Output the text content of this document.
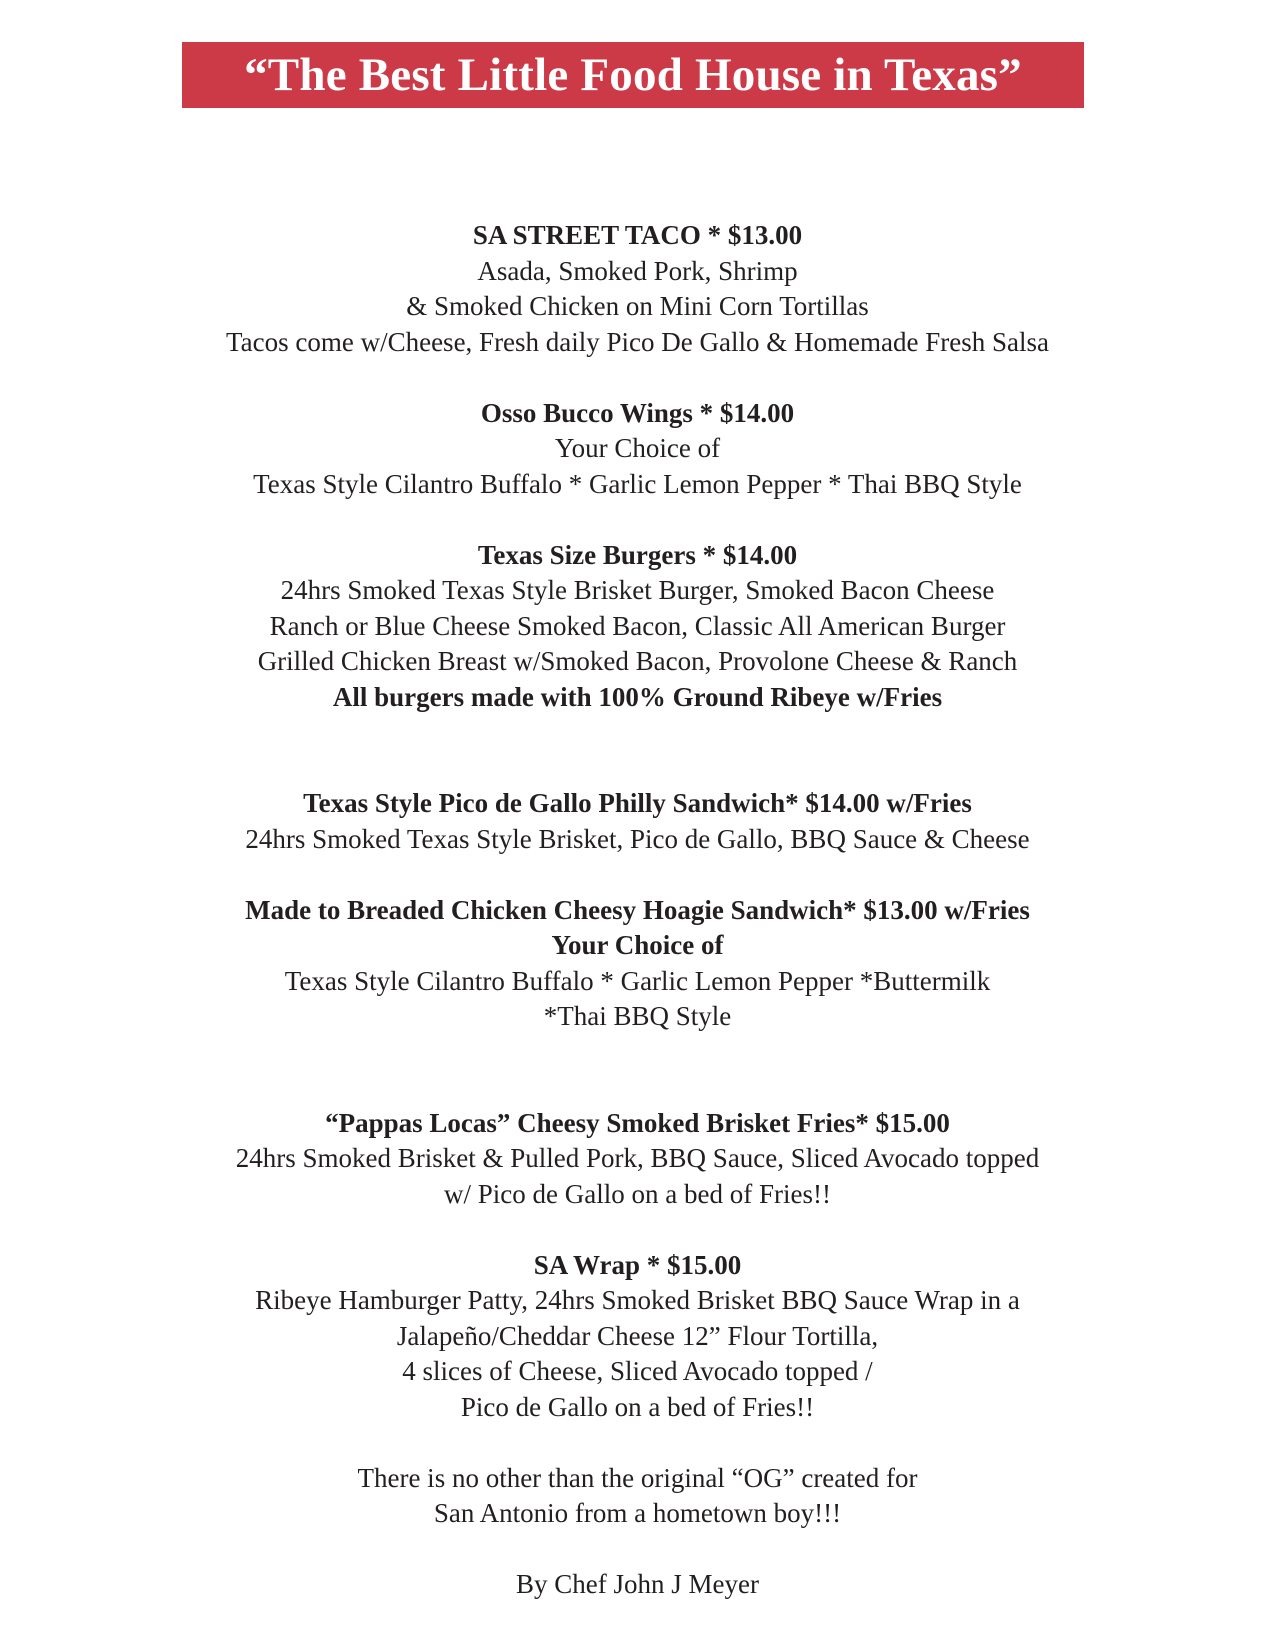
“The Best Little Food House in Texas”
SA STREET TACO * $13.00
Asada, Smoked Pork, Shrimp
& Smoked Chicken on Mini Corn Tortillas
Tacos come w/Cheese, Fresh daily Pico De Gallo & Homemade Fresh Salsa
Osso Bucco Wings * $14.00
Your Choice of
Texas Style Cilantro Buffalo * Garlic Lemon Pepper * Thai BBQ Style
Texas Size Burgers * $14.00
24hrs Smoked Texas Style Brisket Burger, Smoked Bacon Cheese
Ranch or Blue Cheese Smoked Bacon, Classic All American Burger
Grilled Chicken Breast w/Smoked Bacon, Provolone Cheese & Ranch
All burgers made with 100% Ground Ribeye w/Fries
Texas Style Pico de Gallo Philly Sandwich* $14.00 w/Fries
24hrs Smoked Texas Style Brisket, Pico de Gallo, BBQ Sauce & Cheese
Made to Breaded Chicken Cheesy Hoagie Sandwich* $13.00 w/Fries
Your Choice of
Texas Style Cilantro Buffalo * Garlic Lemon Pepper *Buttermilk
*Thai BBQ Style
“Pappas Locas” Cheesy Smoked Brisket Fries* $15.00
24hrs Smoked Brisket & Pulled Pork, BBQ Sauce, Sliced Avocado topped
w/ Pico de Gallo on a bed of Fries!!
SA Wrap * $15.00
Ribeye Hamburger Patty, 24hrs Smoked Brisket BBQ Sauce Wrap in a
Jalapeño/Cheddar Cheese 12” Flour Tortilla,
4 slices of Cheese, Sliced Avocado topped /
Pico de Gallo on a bed of Fries!!
There is no other than the original “OG” created for
San Antonio from a hometown boy!!!
By Chef John J Meyer
